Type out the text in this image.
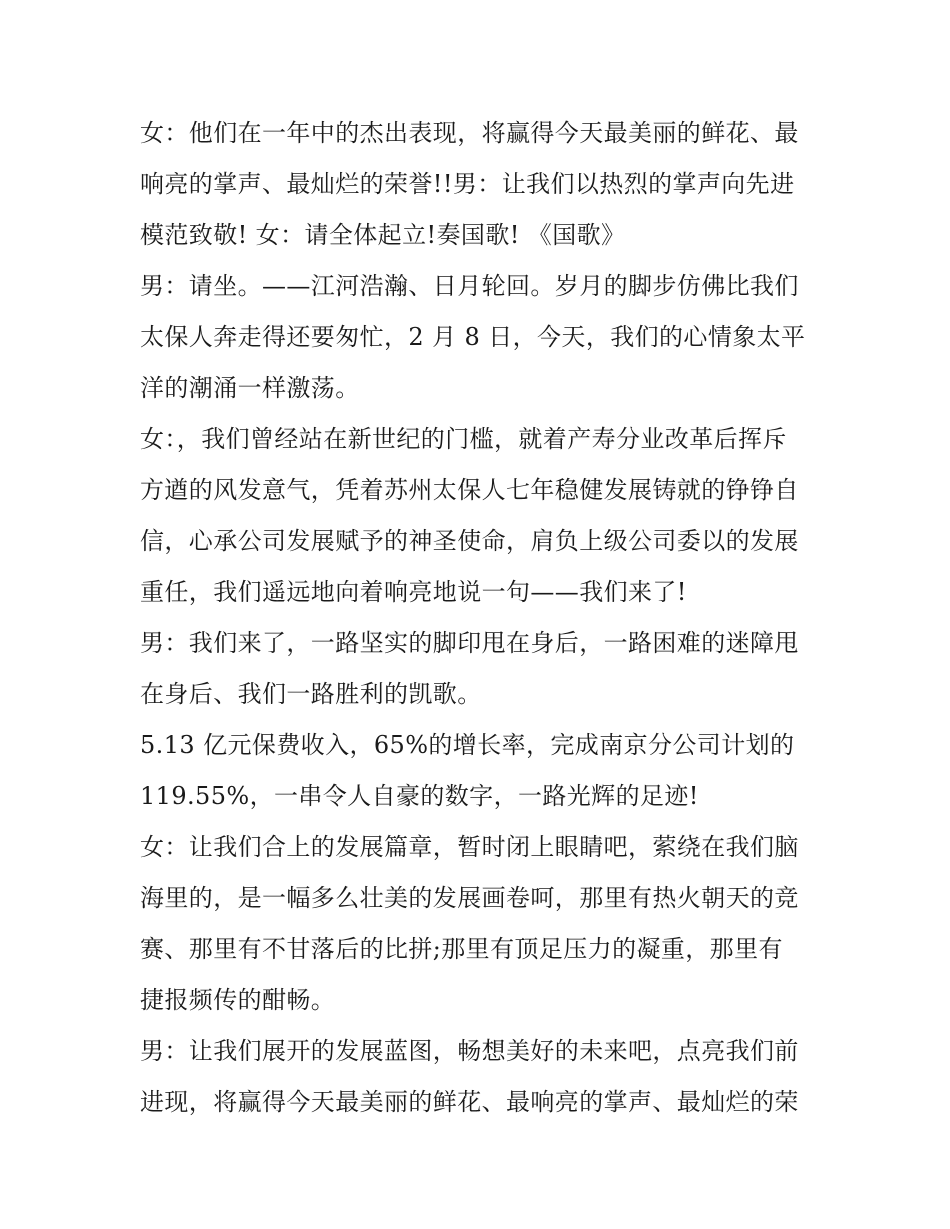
女：他们在一年中的杰出表现，将赢得今天最美丽的鲜花、最
响亮的掌声、最灿烂的荣誉!!男：让我们以热烈的掌声向先进
模范致敬! 女：请全体起立!奏国歌! 《国歌》
男：请坐。——江河浩瀚、日月轮回。岁月的脚步仿佛比我们
太保人奔走得还要匆忙，2 月 8 日，今天，我们的心情象太平
洋的潮涌一样激荡。
女：，我们曾经站在新世纪的门槛，就着产寿分业改革后挥斥
方遒的风发意气，凭着苏州太保人七年稳健发展铸就的铮铮自
信，心承公司发展赋予的神圣使命，肩负上级公司委以的发展
重任，我们遥远地向着响亮地说一句——我们来了!
男：我们来了，一路坚实的脚印甩在身后，一路困难的迷障甩
在身后、我们一路胜利的凯歌。
5.13 亿元保费收入，65%的增长率，完成南京分公司计划的
119.55%，一串令人自豪的数字，一路光辉的足迹!
女：让我们合上的发展篇章，暂时闭上眼睛吧，萦绕在我们脑
海里的，是一幅多么壮美的发展画卷呵，那里有热火朝天的竞
赛、那里有不甘落后的比拼;那里有顶足压力的凝重，那里有
捷报频传的酣畅。
男：让我们展开的发展蓝图，畅想美好的未来吧，点亮我们前
进现，将赢得今天最美丽的鲜花、最响亮的掌声、最灿烂的荣
